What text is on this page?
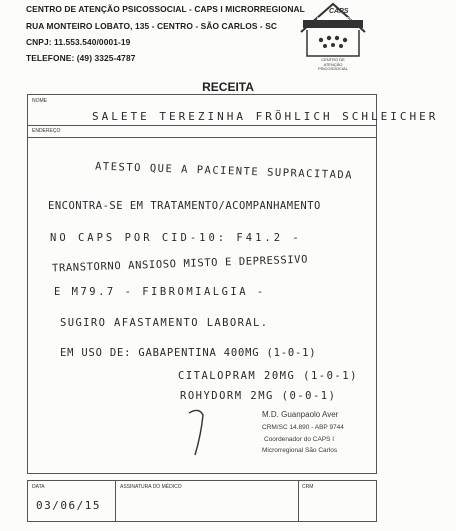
CENTRO DE ATENÇÃO PSICOSSOCIAL - CAPS I MICRORREGIONAL
RUA MONTEIRO LOBATO, 135 - CENTRO - SÃO CARLOS - SC
CNPJ: 11.553.540/0001-19
TELEFONE: (49) 3325-4787
CAPS
MICRORREGIONAL
CENTRO DE ATENÇÃO PSICOSSOCIAL
RECEITA
NOME
ENDEREÇO
SALETE TEREZINHA FRÖHLICH SCHLEICHER
ATESTO QUE A PACIENTE SUPRACITADA
ENCONTRA-SE EM TRATAMENTO/ACOMPANHAMENTO
NO CAPS POR CID-10: F41.2 -
TRANSTORNO ANSIOSO MISTO E DEPRESSIVO
E M79.7 - FIBROMIALGIA -
SUGIRO AFASTAMENTO LABORAL.
EM USO DE: GABAPENTINA 400MG (1-0-1)
CITALOPRAM 20MG (1-0-1)
ROHYDORM 2MG (0-0-1)
M.D. Guanpaolo Aver
CRM/SC 14.890 - ABP 9744
Coordenador do CAPS I
Microrregional São Carlos
DATA
03/06/15
ASSINATURA DO MÉDICO	CRM
